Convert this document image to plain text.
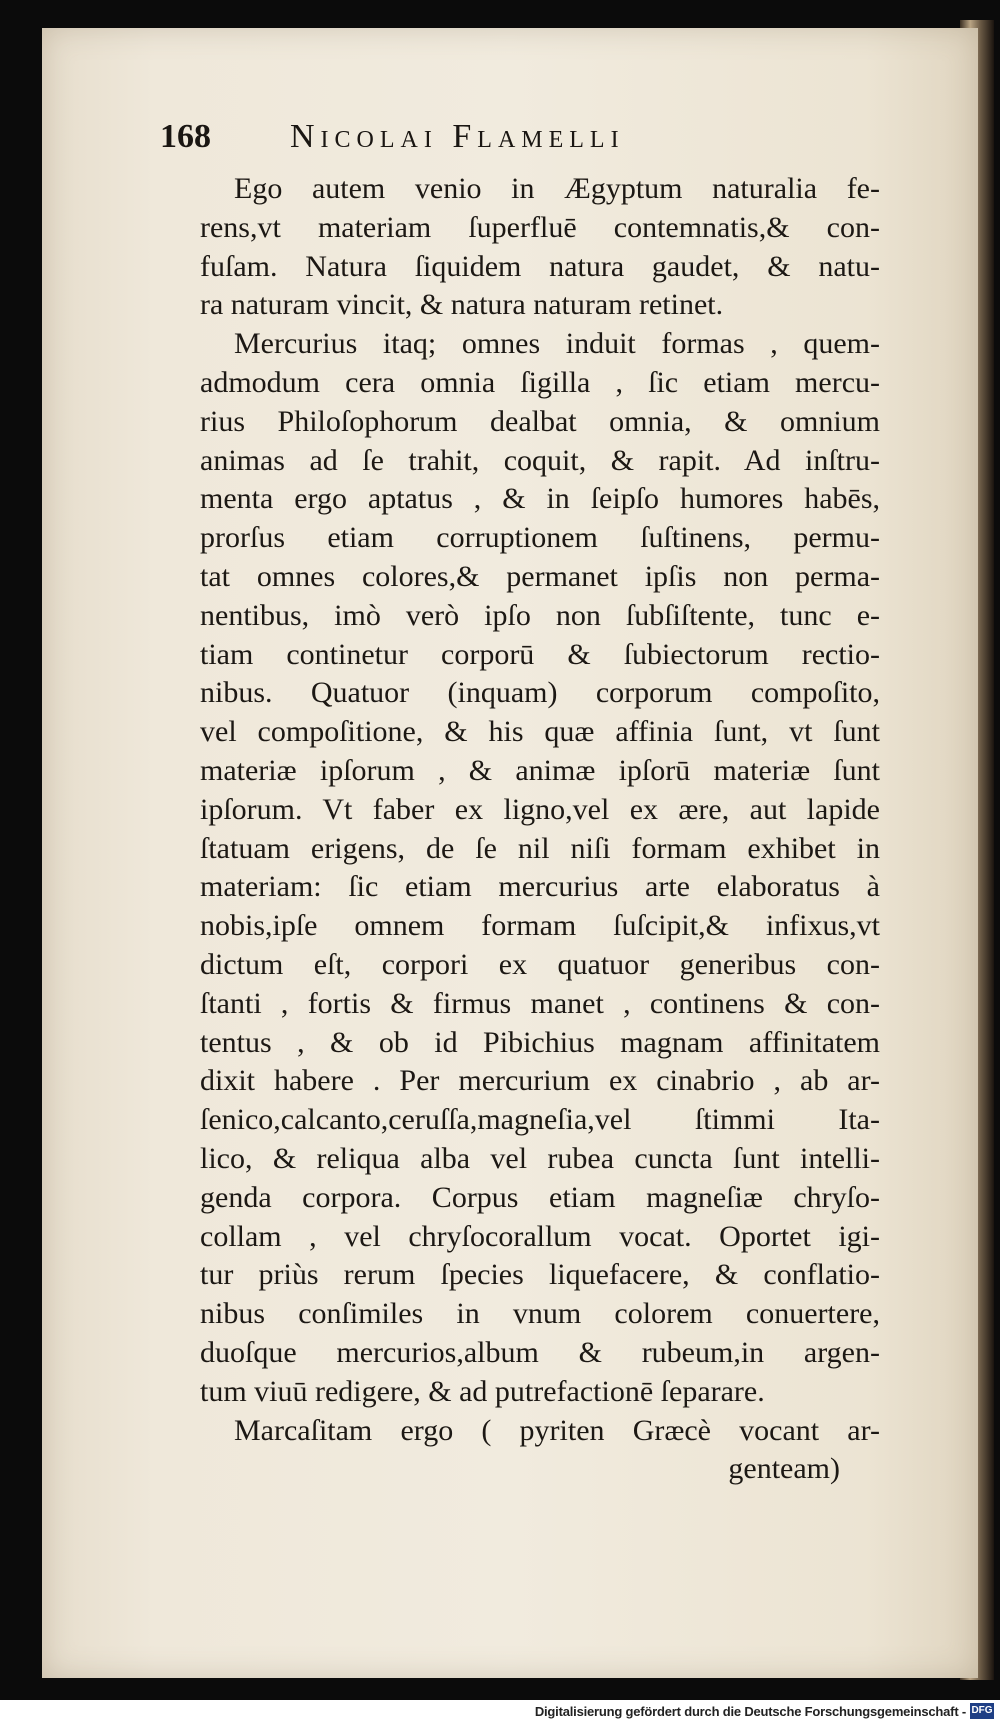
168 Nicolai Flamelli
Ego autem venio in Ægyptum naturalia fe-
rens,vt materiam ſuperfluē contemnatis,& con-
fuſam. Natura ſiquidem natura gaudet, & natu-
ra naturam vincit, & natura naturam retinet.
Mercurius itaq; omnes induit formas , quem-
admodum cera omnia ſigilla , ſic etiam mercu-
rius Philoſophorum dealbat omnia, & omnium
animas ad ſe trahit, coquit, & rapit. Ad inſtru-
menta ergo aptatus , & in ſeipſo humores habēs,
prorſus etiam corruptionem ſuſtinens, permu-
tat omnes colores,& permanet ipſis non perma-
nentibus, imò verò ipſo non ſubſiſtente, tunc e-
tiam continetur corporū & ſubiectorum rectio-
nibus. Quatuor (inquam) corporum compoſito,
vel compoſitione, & his quæ affinia ſunt, vt ſunt
materiæ ipſorum , & animæ ipſorū materiæ ſunt
ipſorum. Vt faber ex ligno,vel ex ære, aut lapide
ſtatuam erigens, de ſe nil niſi formam exhibet in
materiam: ſic etiam mercurius arte elaboratus à
nobis,ipſe omnem formam ſuſcipit,& infixus,vt
dictum eſt, corpori ex quatuor generibus con-
ſtanti , fortis & firmus manet , continens & con-
tentus , & ob id Pibichius magnam affinitatem
dixit habere . Per mercurium ex cinabrio , ab ar-
ſenico,calcanto,ceruſſa,magneſia,vel ſtimmi Ita-
lico, & reliqua alba vel rubea cuncta ſunt intelli-
genda corpora. Corpus etiam magneſiæ chryſo-
collam , vel chryſocorallum vocat. Oportet igi-
tur priùs rerum ſpecies liquefacere, & conflatio-
nibus conſimiles in vnum colorem conuertere,
duoſque mercurios,album & rubeum,in argen-
tum viuū redigere, & ad putrefactionē ſeparare.
Marcaſitam ergo ( pyriten Græcè vocant ar-
genteam)
Digitalisierung gefördert durch die Deutsche Forschungsgemeinschaft - DFG
